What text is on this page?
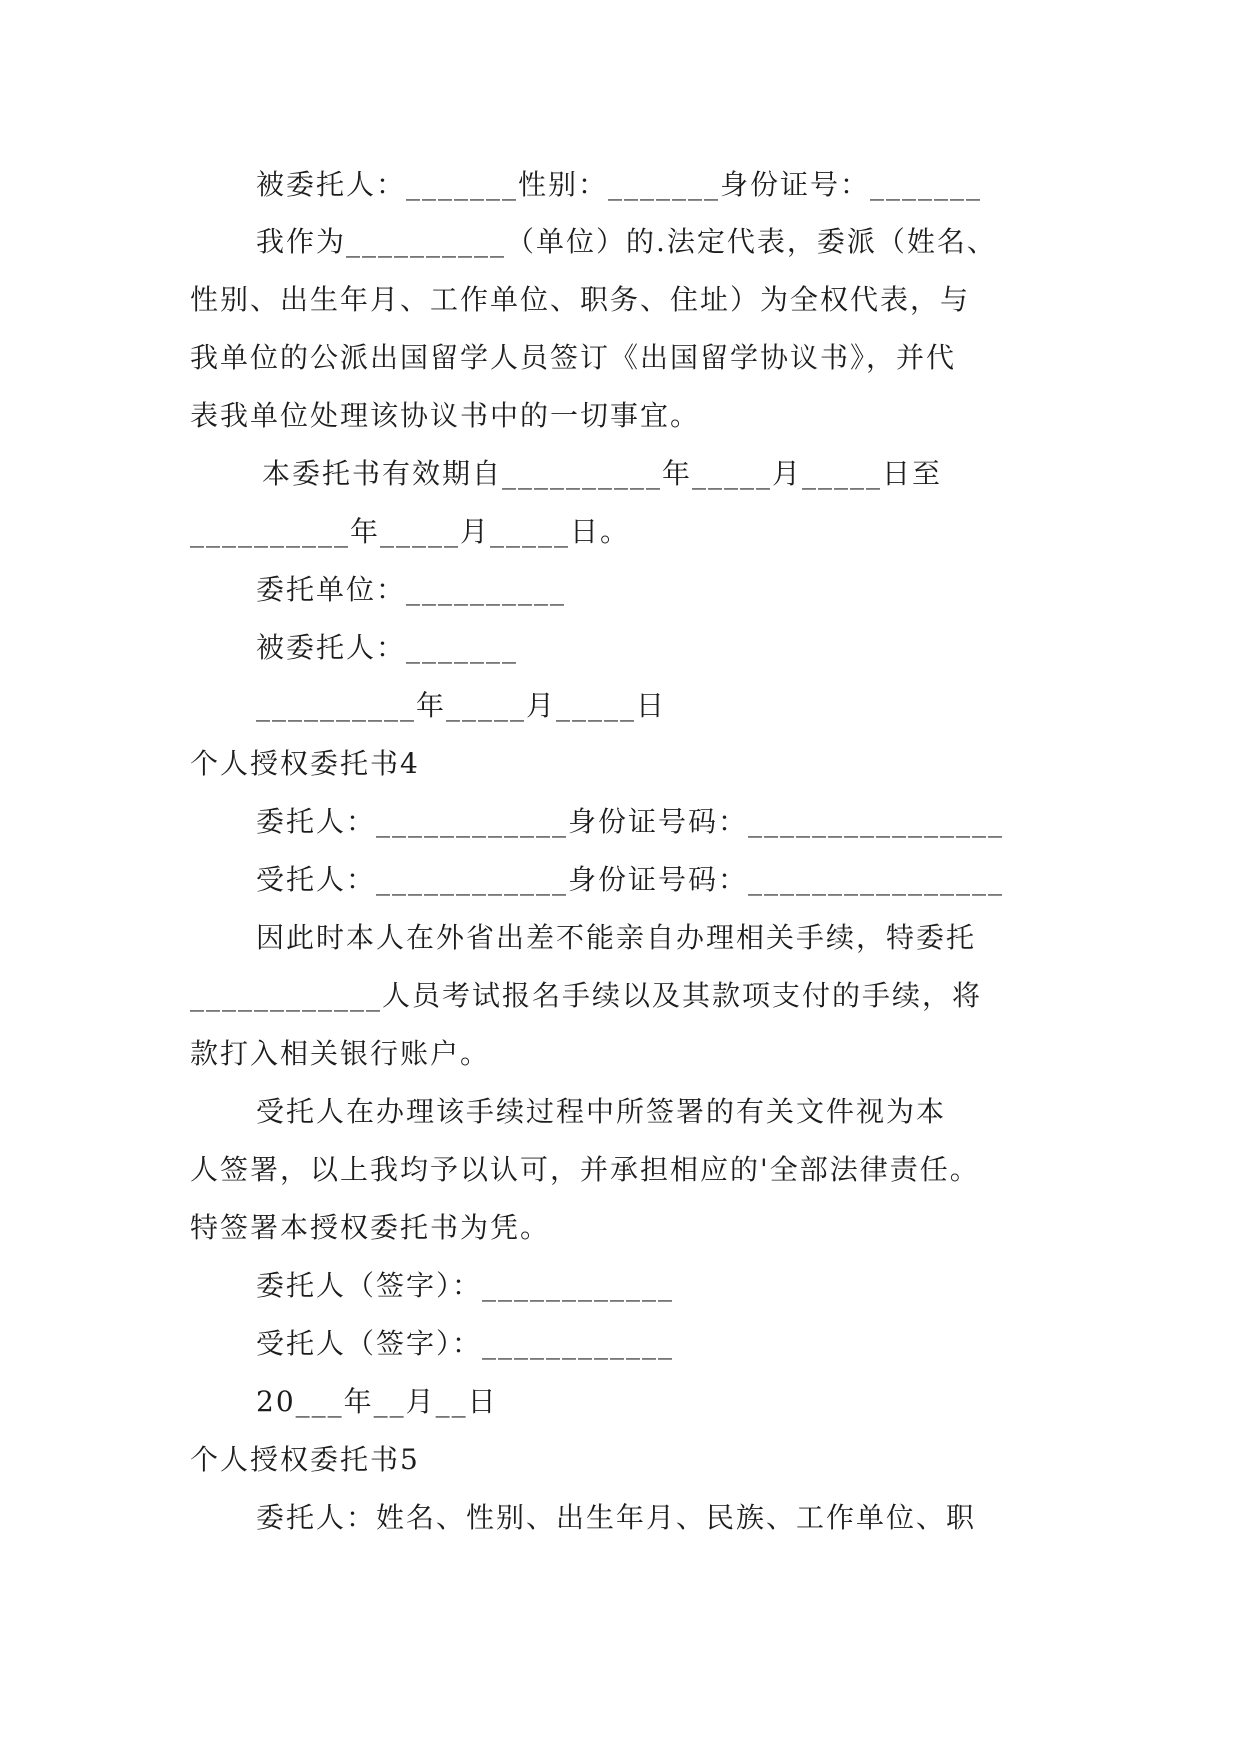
被委托人：_______性别：_______身份证号：_______
我作为__________（单位）的.法定代表，委派（姓名、
性别、出生年月、工作单位、职务、住址）为全权代表，与
我单位的公派出国留学人员签订《出国留学协议书》，并代
表我单位处理该协议书中的一切事宜。
本委托书有效期自__________年_____月_____日至
__________年_____月_____日。
委托单位：__________
被委托人：_______
__________年_____月_____日
个人授权委托书4
委托人：____________身份证号码：________________
受托人：____________身份证号码：________________
因此时本人在外省出差不能亲自办理相关手续，特委托
____________人员考试报名手续以及其款项支付的手续，将
款打入相关银行账户。
受托人在办理该手续过程中所签署的有关文件视为本
人签署，以上我均予以认可，并承担相应的'全部法律责任。
特签署本授权委托书为凭。
委托人（签字）：____________
受托人（签字）：____________
20___年__月__日
个人授权委托书5
委托人：姓名、性别、出生年月、民族、工作单位、职
